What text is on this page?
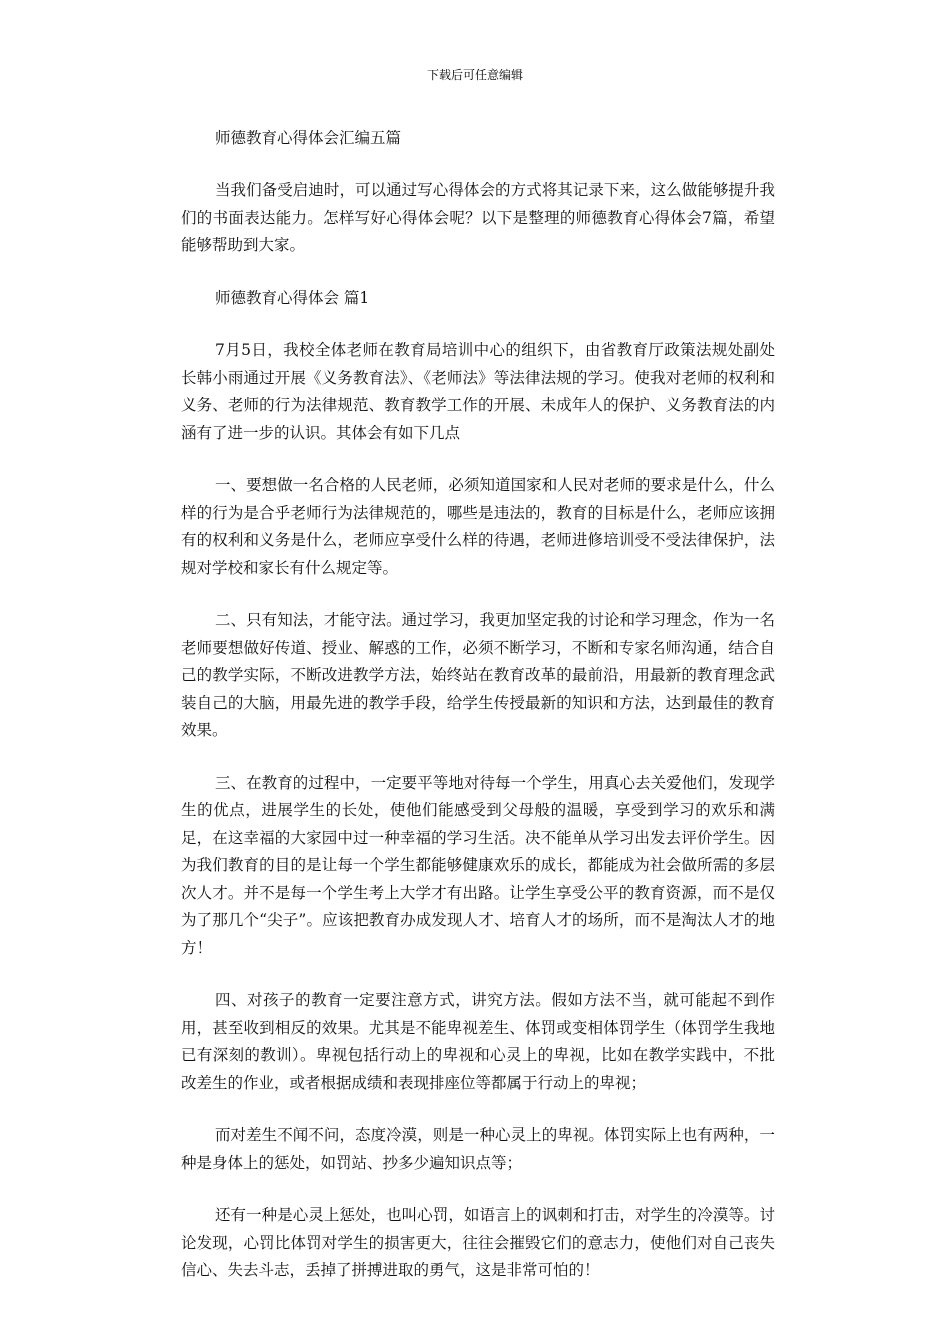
下载后可任意编辑
师德教育心得体会汇编五篇

当我们备受启迪时，可以通过写心得体会的方式将其记录下来，这么做能够提升我们的书面表达能力。怎样写好心得体会呢？以下是整理的师德教育心得体会7篇，希望能够帮助到大家。

师德教育心得体会 篇1

7月5日，我校全体老师在教育局培训中心的组织下，由省教育厅政策法规处副处长韩小雨通过开展《义务教育法》、《老师法》等法律法规的学习。使我对老师的权利和义务、老师的行为法律规范、教育教学工作的开展、未成年人的保护、义务教育法的内涵有了进一步的认识。其体会有如下几点

一、要想做一名合格的人民老师，必须知道国家和人民对老师的要求是什么，什么样的行为是合乎老师行为法律规范的，哪些是违法的，教育的目标是什么，老师应该拥有的权利和义务是什么，老师应享受什么样的待遇，老师进修培训受不受法律保护，法规对学校和家长有什么规定等。

二、只有知法，才能守法。通过学习，我更加坚定我的讨论和学习理念，作为一名老师要想做好传道、授业、解惑的工作，必须不断学习，不断和专家名师沟通，结合自己的教学实际，不断改进教学方法，始终站在教育改革的最前沿，用最新的教育理念武装自己的大脑，用最先进的教学手段，给学生传授最新的知识和方法，达到最佳的教育效果。

三、在教育的过程中，一定要平等地对待每一个学生，用真心去关爱他们，发现学生的优点，进展学生的长处，使他们能感受到父母般的温暖，享受到学习的欢乐和满足，在这幸福的大家园中过一种幸福的学习生活。决不能单从学习出发去评价学生。因为我们教育的目的是让每一个学生都能够健康欢乐的成长，都能成为社会做所需的多层次人才。并不是每一个学生考上大学才有出路。让学生享受公平的教育资源，而不是仅为了那几个“尖子”。应该把教育办成发现人才、培育人才的场所，而不是淘汰人才的地方！

四、对孩子的教育一定要注意方式，讲究方法。假如方法不当，就可能起不到作用，甚至收到相反的效果。尤其是不能卑视差生、体罚或变相体罚学生（体罚学生我地已有深刻的教训）。卑视包括行动上的卑视和心灵上的卑视，比如在教学实践中，不批改差生的作业，或者根据成绩和表现排座位等都属于行动上的卑视；

而对差生不闻不问，态度冷漠，则是一种心灵上的卑视。体罚实际上也有两种，一种是身体上的惩处，如罚站、抄多少遍知识点等；

还有一种是心灵上惩处，也叫心罚，如语言上的讽刺和打击，对学生的冷漠等。讨论发现，心罚比体罚对学生的损害更大，往往会摧毁它们的意志力，使他们对自己丧失信心、失去斗志，丢掉了拼搏进取的勇气，这是非常可怕的！
